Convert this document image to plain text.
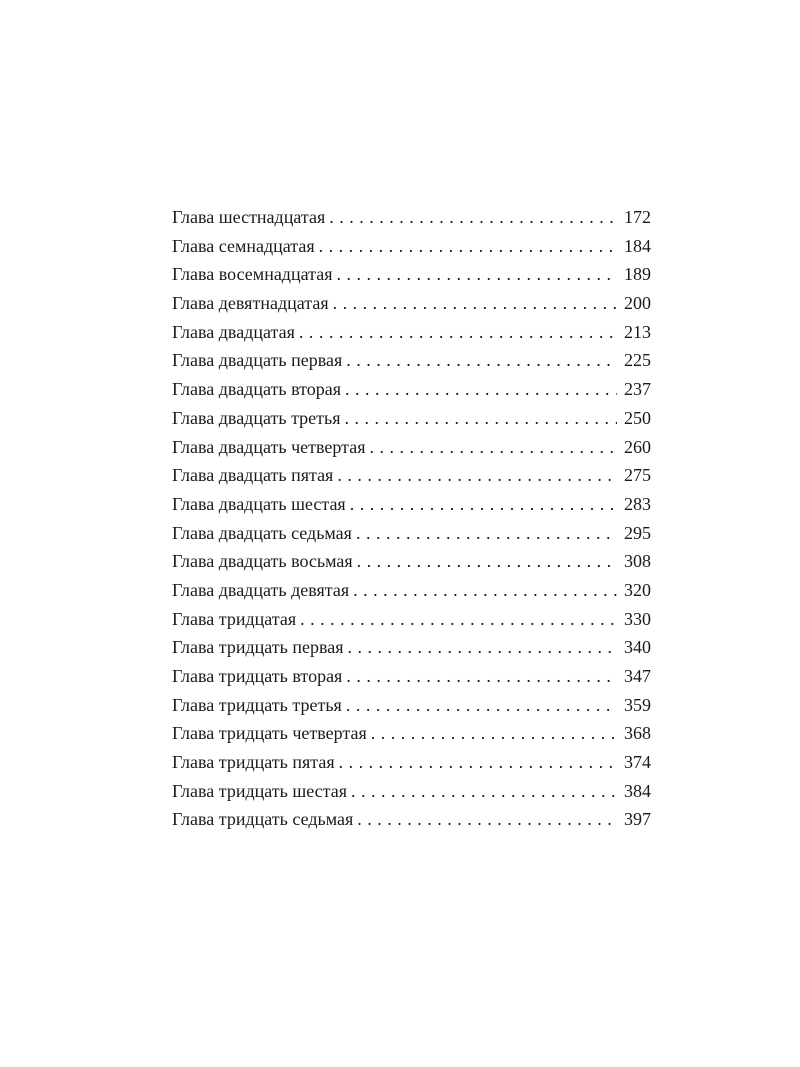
Глава шестнадцатая . . .	172
Глава семнадцатая . . .	184
Глава восемнадцатая . . .	189
Глава девятнадцатая . . .	200
Глава двадцатая . . .	213
Глава двадцать первая . . .	225
Глава двадцать вторая . . .	237
Глава двадцать третья . . .	250
Глава двадцать четвертая . . .	260
Глава двадцать пятая . . .	275
Глава двадцать шестая . . .	283
Глава двадцать седьмая . . .	295
Глава двадцать восьмая . . .	308
Глава двадцать девятая . . .	320
Глава тридцатая . . .	330
Глава тридцать первая . . .	340
Глава тридцать вторая . . .	347
Глава тридцать третья . . .	359
Глава тридцать четвертая . . .	368
Глава тридцать пятая . . .	374
Глава тридцать шестая . . .	384
Глава тридцать седьмая . . .	397
